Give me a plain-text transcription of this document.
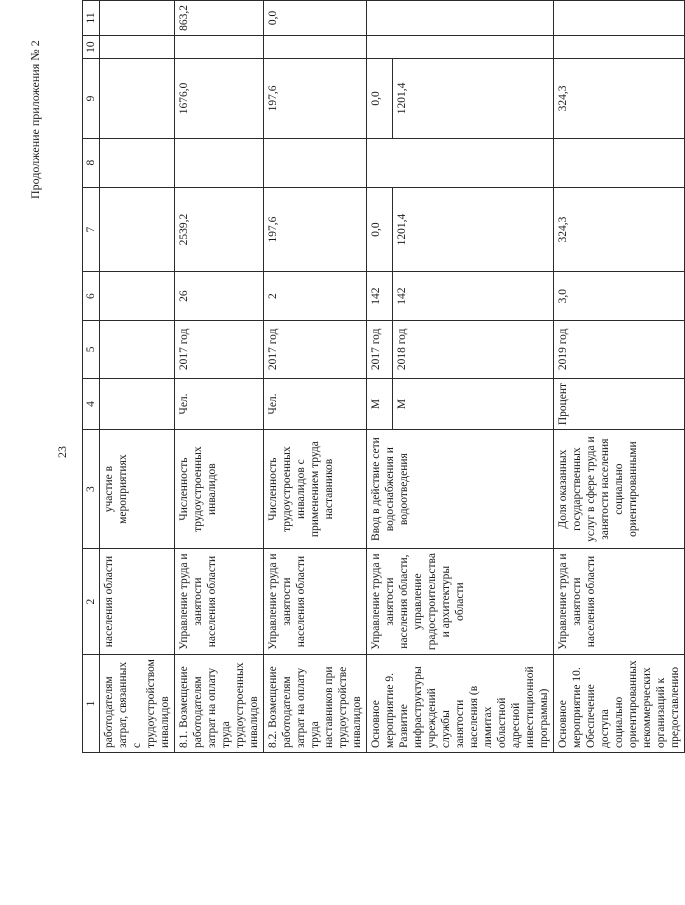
23
Продолжение приложения № 2
1	2	3	4	5	6	7	8	9	10	11
работодателям затрат, связанных с трудоустройством инвалидов	населения области	участие в мероприятиях								
8.1. Возмещение работодателям затрат на оплату труда трудоустроенных инвалидов	Управление труда и занятости населения области	Численность трудоустроенных инвалидов	Чел.	2017 год	26	2539,2		1676,0		863,2
8.2. Возмещение работодателям затрат на оплату труда наставников при трудоустройстве инвалидов	Управление труда и занятости населения области	Численность трудоустроенных инвалидов с применением труда наставников	Чел.	2017 год	2	197,6		197,6		0,0
Основное мероприятие 9. Развитие инфраструктуры учреждений службы занятости населения (в лимитах областной адресной инвестиционной программы)	Управление труда и занятости населения области, управление градостроительства и архитектуры области	Ввод в действие сети водоснабжения и водоотведения	М	2017 год	142	0,0		0,0		
			М	2018 год	142	1201,4		1201,4		
Основное мероприятие 10. Обеспечение доступа социально ориентированных некоммерческих организаций к предоставлению	Управление труда и занятости населения области	Доля оказанных государственных услуг в сфере труда и занятости населения социально ориентированными	Процент	2019 год	3,0	324,3		324,3		
